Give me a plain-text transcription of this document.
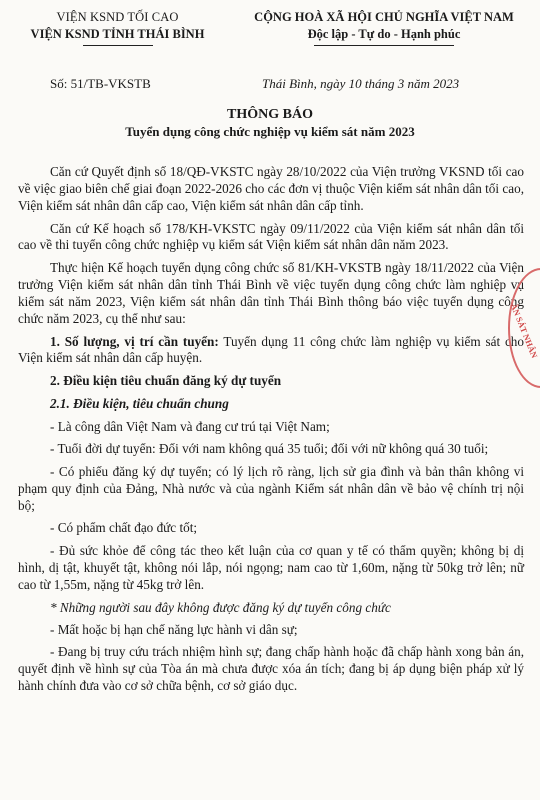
VIỆN KSND TỐI CAO
VIỆN KSND TỈNH THÁI BÌNH
CỘNG HOÀ XÃ HỘI CHỦ NGHĨA VIỆT NAM
Độc lập - Tự do - Hạnh phúc
Số: 51/TB-VKSTB	Thái Bình, ngày 10 tháng 3 năm 2023
THÔNG BÁO
Tuyển dụng công chức nghiệp vụ kiểm sát năm 2023

Căn cứ Quyết định số 18/QĐ-VKSTC ngày 28/10/2022 của Viện trưởng VKSND tối cao về việc giao biên chế giai đoạn 2022-2026 cho các đơn vị thuộc Viện kiểm sát nhân dân tối cao, Viện kiểm sát nhân dân cấp cao, Viện kiểm sát nhân dân cấp tỉnh.

Căn cứ Kế hoạch số 178/KH-VKSTC ngày 09/11/2022 của Viện kiểm sát nhân dân tối cao về thi tuyển công chức nghiệp vụ kiểm sát Viện kiểm sát nhân dân năm 2023.

Thực hiện Kế hoạch tuyển dụng công chức số 81/KH-VKSTB ngày 18/11/2022 của Viện trưởng Viện kiểm sát nhân dân tỉnh Thái Bình về việc tuyển dụng công chức làm nghiệp vụ kiểm sát năm 2023, Viện kiểm sát nhân dân tỉnh Thái Bình thông báo việc tuyển dụng công chức năm 2023, cụ thể như sau:

1. Số lượng, vị trí cần tuyển: Tuyển dụng 11 công chức làm nghiệp vụ kiểm sát cho Viện kiểm sát nhân dân cấp huyện.

2. Điều kiện tiêu chuẩn đăng ký dự tuyển

2.1. Điều kiện, tiêu chuẩn chung

- Là công dân Việt Nam và đang cư trú tại Việt Nam;

- Tuổi đời dự tuyển: Đối với nam không quá 35 tuổi; đối với nữ không quá 30 tuổi;

- Có phiếu đăng ký dự tuyển; có lý lịch rõ ràng, lịch sử gia đình và bản thân không vi phạm quy định của Đảng, Nhà nước và của ngành Kiểm sát nhân dân về bảo vệ chính trị nội bộ;

- Có phẩm chất đạo đức tốt;

- Đủ sức khỏe để công tác theo kết luận của cơ quan y tế có thẩm quyền; không bị dị hình, dị tật, khuyết tật, không nói lắp, nói ngọng; nam cao từ 1,60m, nặng từ 50kg trở lên; nữ cao từ 1,55m, nặng từ 45kg trở lên.

* Những người sau đây không được đăng ký dự tuyển công chức

- Mất hoặc bị hạn chế năng lực hành vi dân sự;

- Đang bị truy cứu trách nhiệm hình sự; đang chấp hành hoặc đã chấp hành xong bản án, quyết định về hình sự của Tòa án mà chưa được xóa án tích; đang bị áp dụng biện pháp xử lý hành chính đưa vào cơ sở chữa bệnh, cơ sở giáo dục.

ÂN SÁT NHÂN
